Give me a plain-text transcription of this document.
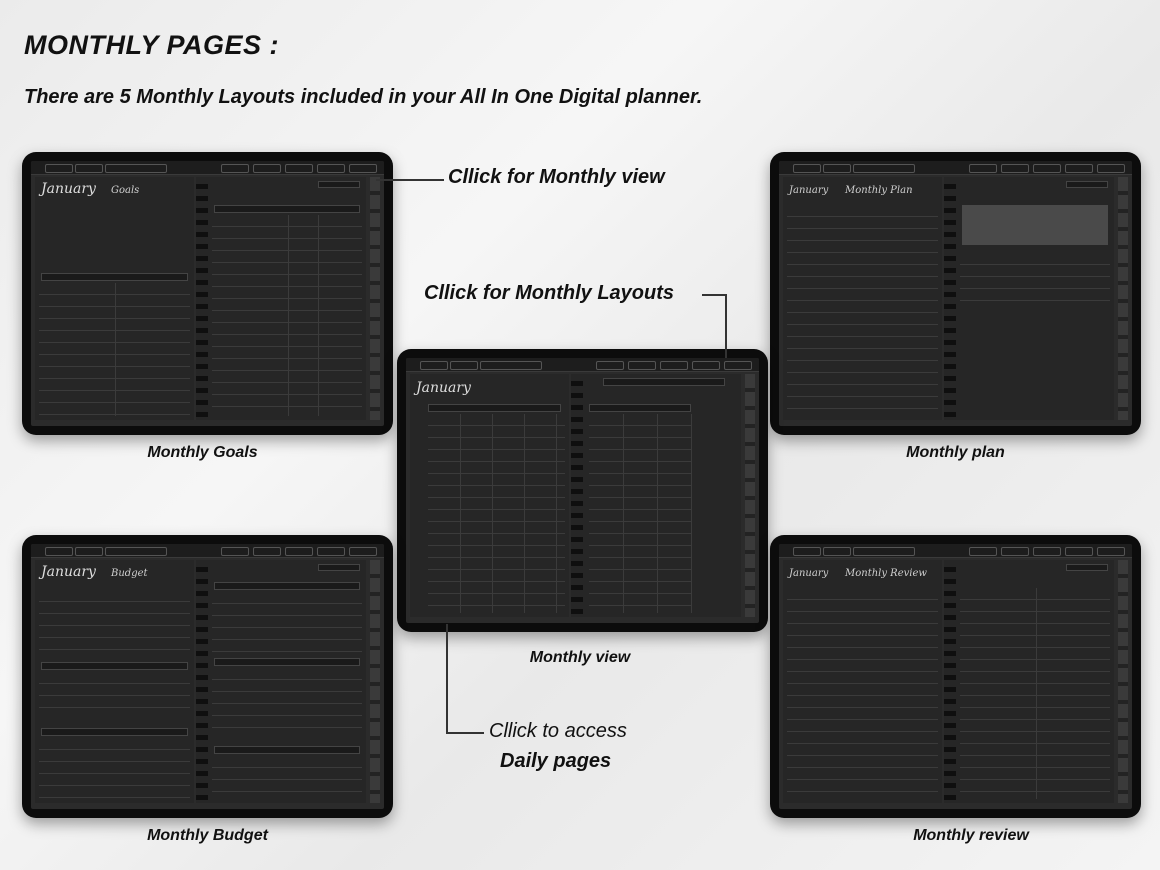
MONTHLY PAGES :
There are 5 Monthly Layouts included in your All In One Digital planner.
January Goals
Monthly Goals
January Monthly Plan
Monthly plan
January
Monthly view
January Budget
Monthly Budget
January Monthly Review
Monthly review
Cllick for Monthly view
Cllick for Monthly Layouts
Cllick to access
Daily pages
